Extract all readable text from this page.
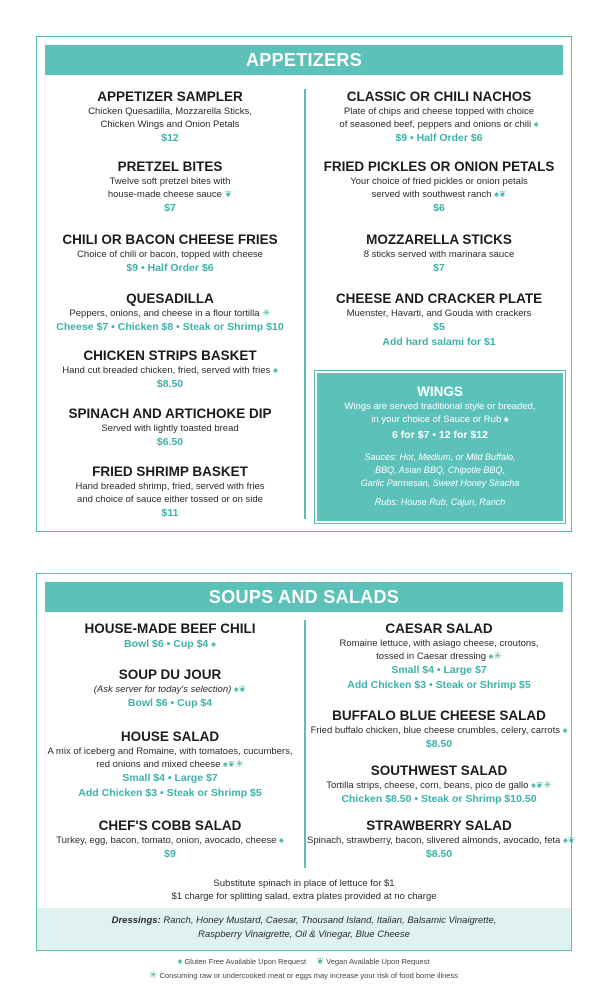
APPETIZERS
APPETIZER SAMPLER
Chicken Quesadilla, Mozzarella Sticks,
Chicken Wings and Onion Petals
$12
PRETZEL BITES
Twelve soft pretzel bites with
house-made cheese sauce ❦
$7
CHILI OR BACON CHEESE FRIES
Choice of chili or bacon, topped with cheese
$9 • Half Order $6
QUESADILLA
Peppers, onions, and cheese in a flour tortilla ✳
Cheese $7 • Chicken $8 • Steak or Shrimp $10
CHICKEN STRIPS BASKET
Hand cut breaded chicken, fried, served with fries ♠
$8.50
SPINACH AND ARTICHOKE DIP
Served with lightly toasted bread
$6.50
FRIED SHRIMP BASKET
Hand breaded shrimp, fried, served with fries
and choice of sauce either tossed or on side
$11
CLASSIC OR CHILI NACHOS
Plate of chips and cheese topped with choice
of seasoned beef, peppers and onions or chili ♠
$9 • Half Order $6
FRIED PICKLES OR ONION PETALS
Your choice of fried pickles or onion petals
served with southwest ranch ♠❦
$6
MOZZARELLA STICKS
8 sticks served with marinara sauce
$7
CHEESE AND CRACKER PLATE
Muenster, Havarti, and Gouda with crackers
$5
Add hard salami for $1
WINGS
Wings are served traditional style or breaded,
in your choice of Sauce or Rub ♠
6 for $7 • 12 for $12
Sauces: Hot, Medium, or Mild Buffalo,
BBQ, Asian BBQ, Chipotle BBQ,
Garlic Parmesan, Sweet Honey Siracha
Rubs: House Rub, Cajun, Ranch
SOUPS AND SALADS
HOUSE-MADE BEEF CHILI
Bowl $6 • Cup $4 ♠
SOUP DU JOUR
(Ask server for today's selection) ♠❦
Bowl $6 • Cup $4
HOUSE SALAD
A mix of iceberg and Romaine, with tomatoes, cucumbers,
red onions and mixed cheese ♠❦✳
Small $4 • Large $7
Add Chicken $3 • Steak or Shrimp $5
CHEF'S COBB SALAD
Turkey, egg, bacon, tomato, onion, avocado, cheese ♠
$9
CAESAR SALAD
Romaine lettuce, with asiago cheese, croutons,
tossed in Caesar dressing ♠✳
Small $4 • Large $7
Add Chicken $3 • Steak or Shrimp $5
BUFFALO BLUE CHEESE SALAD
Fried buffalo chicken, blue cheese crumbles, celery, carrots ♠
$8.50
SOUTHWEST SALAD
Tortilla strips, cheese, corn, beans, pico de gallo ♠❦✳
Chicken $8.50 • Steak or Shrimp $10.50
STRAWBERRY SALAD
Spinach, strawberry, bacon, slivered almonds, avocado, feta ♠❦
$8.50
Substitute spinach in place of lettuce for $1
$1 charge for splitting salad, extra plates provided at no charge
Dressings: Ranch, Honey Mustard, Caesar, Thousand Island, Italian, Balsamic Vinaigrette,
Raspberry Vinaigrette, Oil & Vinegar, Blue Cheese
♠ Gluten Free Available Upon Request ❦ Vegan Available Upon Request
✳ Consuming raw or undercooked meat or eggs may increase your risk of food borne illness
